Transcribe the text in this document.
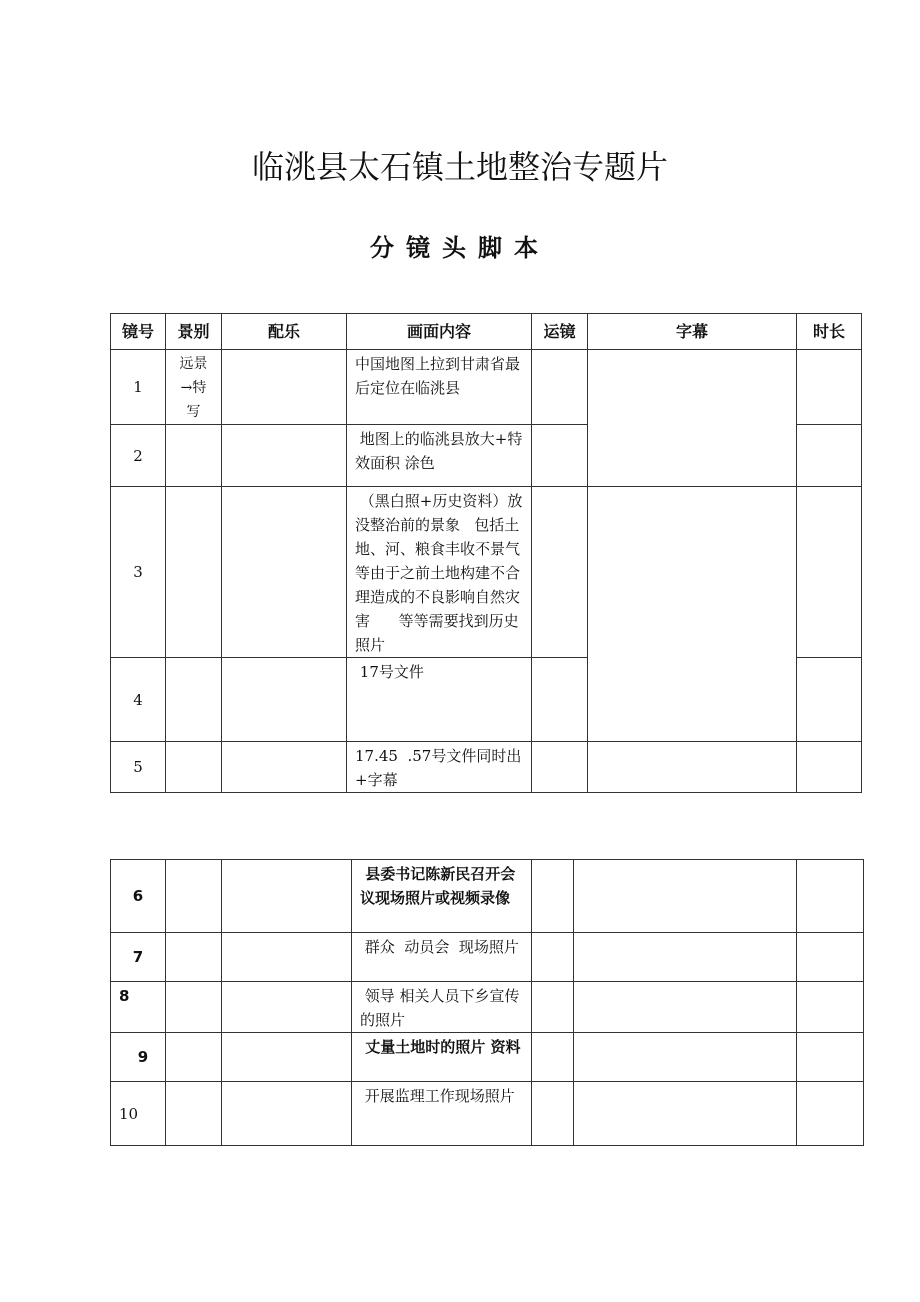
临洮县太石镇土地整治专题片
分镜头脚本
镜号	景别	配乐	画面内容	运镜	字幕	时长
1	远景→特写		中国地图上拉到甘肃省最后定位在临洮县			
2			地图上的临洮县放大+特效面积 涂色			
3			（黑白照+历史资料）放没整治前的景象   包括土地、河、粮食丰收不景气等由于之前土地构建不合理造成的不良影响自然灾害      等等需要找到历史照片			
4			17号文件			
5			17.45  .57号文件同时出+字幕			
6			县委书记陈新民召开会议现场照片或视频录像			
7			群众  动员会  现场照片			
8			领导 相关人员下乡宣传的照片			
9			丈量土地时的照片 资料			
10			开展监理工作现场照片			
